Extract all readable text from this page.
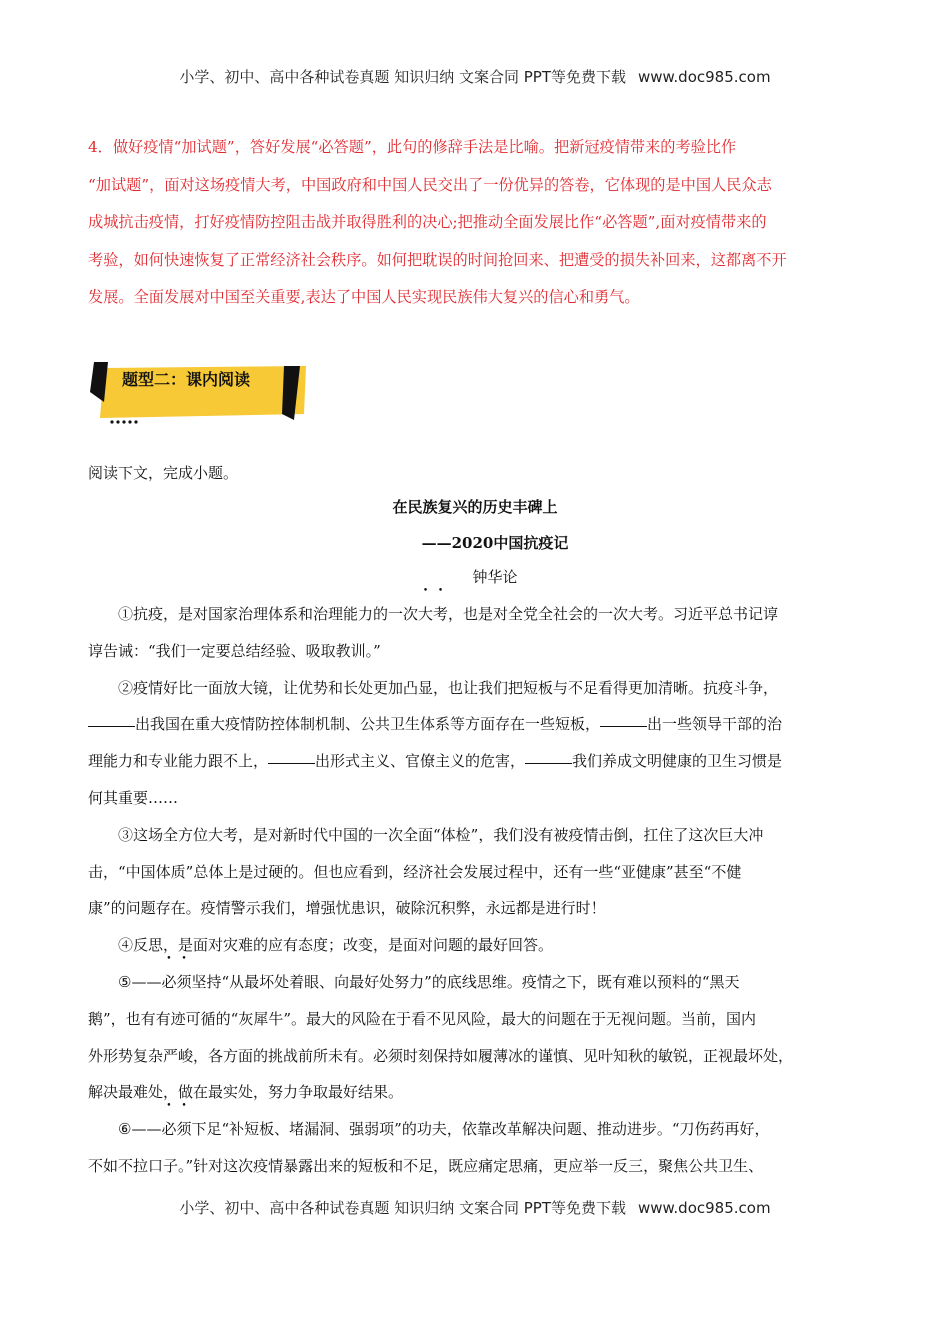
小学、初中、高中各种试卷真题 知识归纳 文案合同 PPT等免费下载 www.doc985.com

4．做好疫情“加试题”，答好发展“必答题”，此句的修辞手法是比喻。把新冠疫情带来的考验比作

“加试题”，面对这场疫情大考，中国政府和中国人民交出了一份优异的答卷，它体现的是中国人民众志

成城抗击疫情，打好疫情防控阻击战并取得胜利的决心;把推动全面发展比作“必答题”,面对疫情带来的

考验，如何快速恢复了正常经济社会秩序。如何把耽误的时间抢回来、把遭受的损失补回来，这都离不开

发展。全面发展对中国至关重要,表达了中国人民实现民族伟大复兴的信心和勇气。

题型二：课内阅读
阅读下文，完成小题。
在民族复兴的历史丰碑上
——2020中国抗疫记
钟华论

①抗疫，是对国家治理体系和治理能力的一次大考，也是对全党全社会的一次大考。习近平总书记谆

谆告诫：“我们一定要总结经验、吸取教训。”

②疫情好比一面放大镜，让优势和长处更加凸显，也让我们把短板与不足看得更加清晰。抗疫斗争，

出我国在重大疫情防控体制机制、公共卫生体系等方面存在一些短板，	出一些领导干部的治

理能力和专业能力跟不上，	出形式主义、官僚主义的危害，	我们养成文明健康的卫生习惯是

何其重要……

③这场全方位大考，是对新时代中国的一次全面“体检”，我们没有被疫情击倒，扛住了这次巨大冲

击，“中国体质”总体上是过硬的。但也应看到，经济社会发展过程中，还有一些“亚健康”甚至“不健

康”的问题存在。疫情警示我们，增强忧患识，破除沉积弊，永远都是进行时！

④反思，是面对灾难的应有态度；改变，是面对问题的最好回答。

⑤——必须坚持“从最坏处着眼、向最好处努力”的底线思维。疫情之下，既有难以预料的“黑天

鹅”，也有有迹可循的“灰犀牛”。最大的风险在于看不见风险，最大的问题在于无视问题。当前，国内

外形势复杂严峻，各方面的挑战前所未有。必须时刻保持如履薄冰的谨慎、见叶知秋的敏锐，正视最坏处，

解决最难处，做在最实处，努力争取最好结果。

⑥——必须下足“补短板、堵漏洞、强弱项”的功夫，依靠改革解决问题、推动进步。“刀伤药再好，

不如不拉口子。”针对这次疫情暴露出来的短板和不足，既应痛定思痛，更应举一反三，聚焦公共卫生、

小学、初中、高中各种试卷真题 知识归纳 文案合同 PPT等免费下载 www.doc985.com
